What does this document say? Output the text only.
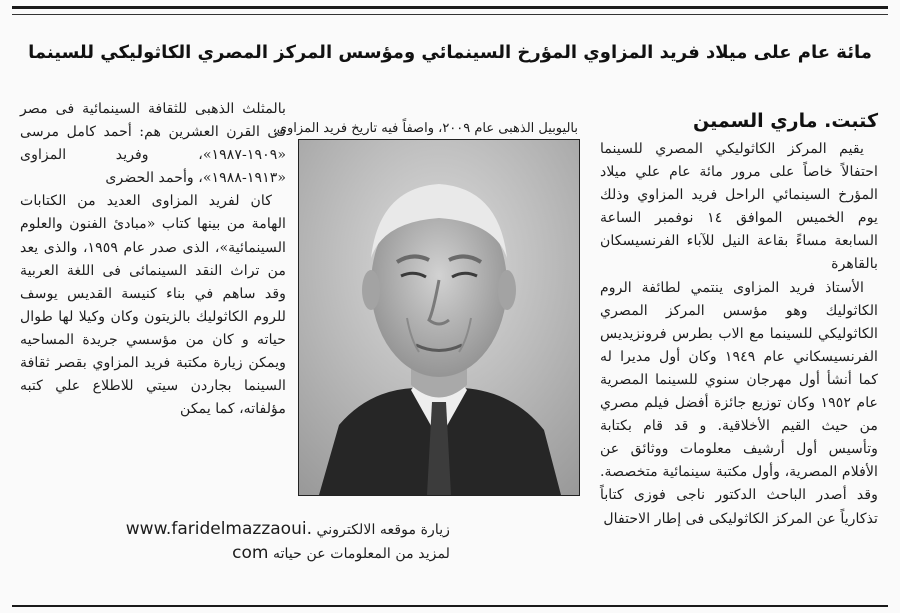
مائة عام على ميلاد فريد المزاوي المؤرخ السينمائي ومؤسس المركز المصري الكاثوليكي للسينما
كتبت. ماري السمين

يقيم المركز الكاثوليكي المصري للسينما احتفالاً خاصاً على مرور مائة عام علي ميلاد المؤرخ السينمائي الراحل فريد المزاوي وذلك يوم الخميس الموافق ١٤ نوفمبر الساعة السابعة مساءً بقاعة النيل للآباء الفرنسيسكان بالقاهرة

الأستاذ فريد المزاوى ينتمي لطائفة الروم الكاثوليك وهو مؤسس المركز المصري الكاثوليكي للسينما مع الاب بطرس فرونزيديس الفرنسيسكاني عام ١٩٤٩ وكان أول مديرا له كما أنشأ أول مهرجان سنوي للسينما المصرية عام ١٩٥٢ وكان توزيع جائزة أفضل فيلم مصري من حيث القيم الأخلاقية. و قد قام بكتابة وتأسيس أول أرشيف معلومات ووثائق عن الأفلام المصرية، وأول مكتبة سينمائية متخصصة. وقد أصدر الباحث الدكتور ناجى فوزى كتاباً تذكارياً عن المركز الكاثوليكى فى إطار الاحتفال

باليوبيل الذهبى عام ٢٠٠٩، واصفاً فيه تاريخ فريد المزاوى،

بالمثلث الذهبى للثقافة السينمائية فى مصر فى القرن العشرين هم: أحمد كامل مرسى «١٩٠٩-١٩٨٧»، وفريد المزاوى «١٩١٣-١٩٨٨»، وأحمد الحضرى

كان لفريد المزاوى العديد من الكتابات الهامة من بينها كتاب «مبادئ الفنون والعلوم السينمائية»، الذى صدر عام ١٩٥٩، والذى يعد من تراث النقد السينمائى فى اللغة العربية وقد ساهم في بناء كنيسة القديس يوسف للروم الكاثوليك بالزيتون وكان وكيلا لها طوال حياته و كان من مؤسسي جريدة المساحيه ويمكن زيارة مكتبة فريد المزاوي بقصر ثقافة السينما بجاردن سيتي للاطلاع علي كتبه مؤلفاته، كما يمكن

زيارة موقعه الالكتروني www.faridelmazzaoui.
لمزيد من المعلومات عن حياته com
